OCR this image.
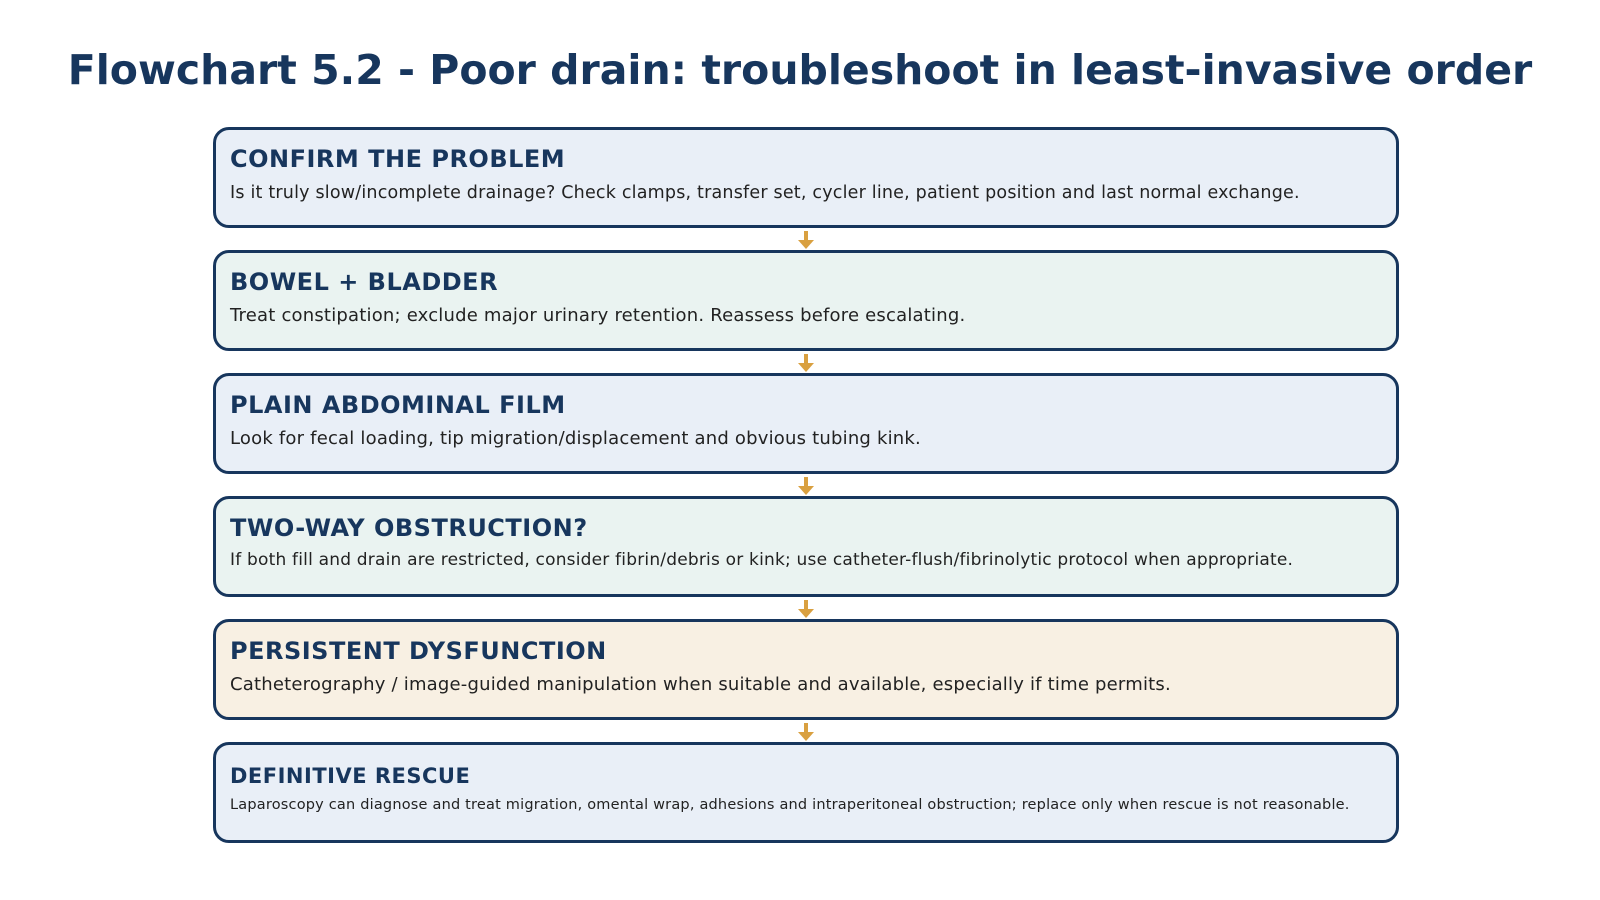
Flowchart 5.2 - Poor drain: troubleshoot in least-invasive order
CONFIRM THE PROBLEM
Is it truly slow/incomplete drainage? Check clamps, transfer set, cycler line, patient position and last normal exchange.
BOWEL + BLADDER
Treat constipation; exclude major urinary retention. Reassess before escalating.
PLAIN ABDOMINAL FILM
Look for fecal loading, tip migration/displacement and obvious tubing kink.
TWO-WAY OBSTRUCTION?
If both fill and drain are restricted, consider fibrin/debris or kink; use catheter-flush/fibrinolytic protocol when appropriate.
PERSISTENT DYSFUNCTION
Catheterography / image-guided manipulation when suitable and available, especially if time permits.
DEFINITIVE RESCUE
Laparoscopy can diagnose and treat migration, omental wrap, adhesions and intraperitoneal obstruction; replace only when rescue is not reasonable.
